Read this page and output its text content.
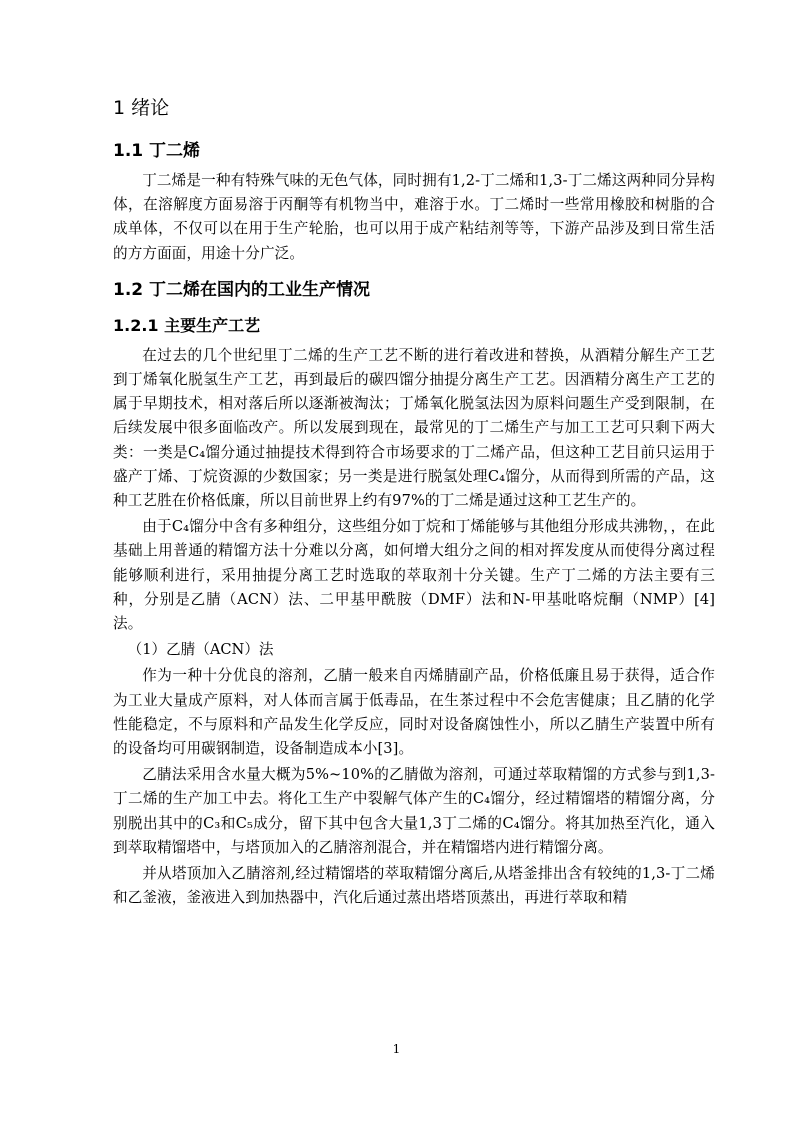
1 绪论
1.1 丁二烯
丁二烯是一种有特殊气味的无色气体，同时拥有1,2-丁二烯和1,3-丁二烯这两种同分异构体，在溶解度方面易溶于丙酮等有机物当中，难溶于水。丁二烯时一些常用橡胶和树脂的合成单体，不仅可以在用于生产轮胎，也可以用于成产粘结剂等等，下游产品涉及到日常生活的方方面面，用途十分广泛。
1.2 丁二烯在国内的工业生产情况
1.2.1 主要生产工艺
在过去的几个世纪里丁二烯的生产工艺不断的进行着改进和替换，从酒精分解生产工艺到丁烯氧化脱氢生产工艺，再到最后的碳四馏分抽提分离生产工艺。因酒精分离生产工艺的属于早期技术，相对落后所以逐渐被淘汰；丁烯氧化脱氢法因为原料问题生产受到限制，在后续发展中很多面临改产。所以发展到现在，最常见的丁二烯生产与加工工艺可只剩下两大类：一类是C₄馏分通过抽提技术得到符合市场要求的丁二烯产品，但这种工艺目前只运用于盛产丁烯、丁烷资源的少数国家；另一类是进行脱氢处理C₄馏分，从而得到所需的产品，这种工艺胜在价格低廉，所以目前世界上约有97%的丁二烯是通过这种工艺生产的。
由于C₄馏分中含有多种组分，这些组分如丁烷和丁烯能够与其他组分形成共沸物，，在此基础上用普通的精馏方法十分难以分离，如何增大组分之间的相对挥发度从而使得分离过程能够顺利进行，采用抽提分离工艺时选取的萃取剂十分关键。生产丁二烯的方法主要有三种，分别是乙腈（ACN）法、二甲基甲酰胺（DMF）法和N-甲基吡咯烷酮（NMP）[4]法。
（1）乙腈（ACN）法
作为一种十分优良的溶剂，乙腈一般来自丙烯腈副产品，价格低廉且易于获得，适合作为工业大量成产原料，对人体而言属于低毒品，在生茶过程中不会危害健康；且乙腈的化学性能稳定，不与原料和产品发生化学反应，同时对设备腐蚀性小，所以乙腈生产装置中所有的设备均可用碳钢制造，设备制造成本小[3]。
乙腈法采用含水量大概为5%~10%的乙腈做为溶剂，可通过萃取精馏的方式参与到1,3-丁二烯的生产加工中去。将化工生产中裂解气体产生的C₄馏分，经过精馏塔的精馏分离，分别脱出其中的C₃和C₅成分，留下其中包含大量1,3丁二烯的C₄馏分。将其加热至汽化，通入到萃取精馏塔中，与塔顶加入的乙腈溶剂混合，并在精馏塔内进行精馏分离。
并从塔顶加入乙腈溶剂,经过精馏塔的萃取精馏分离后,从塔釜排出含有较纯的1,3-丁二烯和乙釜液，釜液进入到加热器中，汽化后通过蒸出塔塔顶蒸出，再进行萃取和精
1
